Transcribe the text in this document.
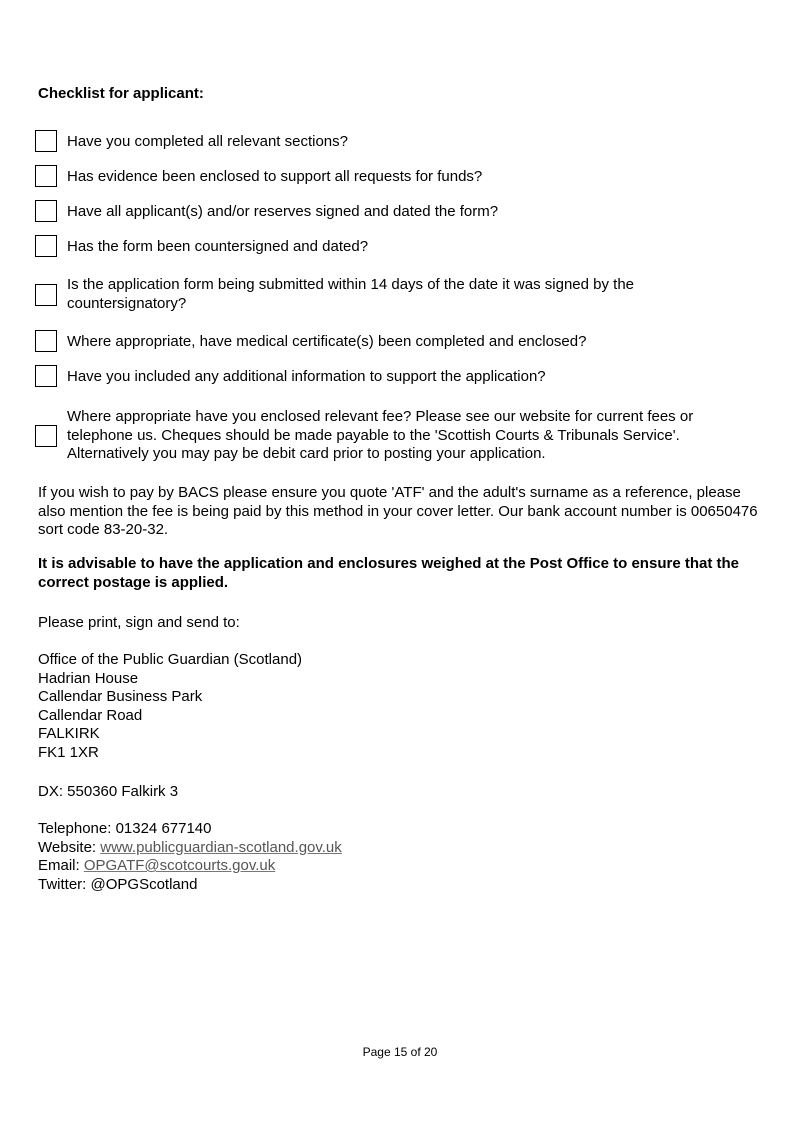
Checklist for applicant:
Have you completed all relevant sections?
Has evidence been enclosed to support all requests for funds?
Have all applicant(s) and/or reserves signed and dated the form?
Has the form been countersigned and dated?
Is the application form being submitted within 14 days of the date it was signed by the countersignatory?
Where appropriate, have medical certificate(s) been completed and enclosed?
Have you included any additional information to support the application?
Where appropriate have you enclosed relevant fee? Please see our website for current fees or telephone us. Cheques should be made payable to the 'Scottish Courts & Tribunals Service'. Alternatively you may pay be debit card prior to posting your application.
If you wish to pay by BACS please ensure you quote 'ATF' and the adult's surname as a reference, please also mention the fee is being paid by this method in your cover letter. Our bank account number is 00650476 sort code 83-20-32.
It is advisable to have the application and enclosures weighed at the Post Office to ensure that the correct postage is applied.
Please print, sign and send to:
Office of the Public Guardian (Scotland)
Hadrian House
Callendar Business Park
Callendar Road
FALKIRK
FK1 1XR
DX: 550360 Falkirk 3
Telephone: 01324 677140
Website: www.publicguardian-scotland.gov.uk
Email: OPGATF@scotcourts.gov.uk
Twitter: @OPGScotland
Page 15 of 20
